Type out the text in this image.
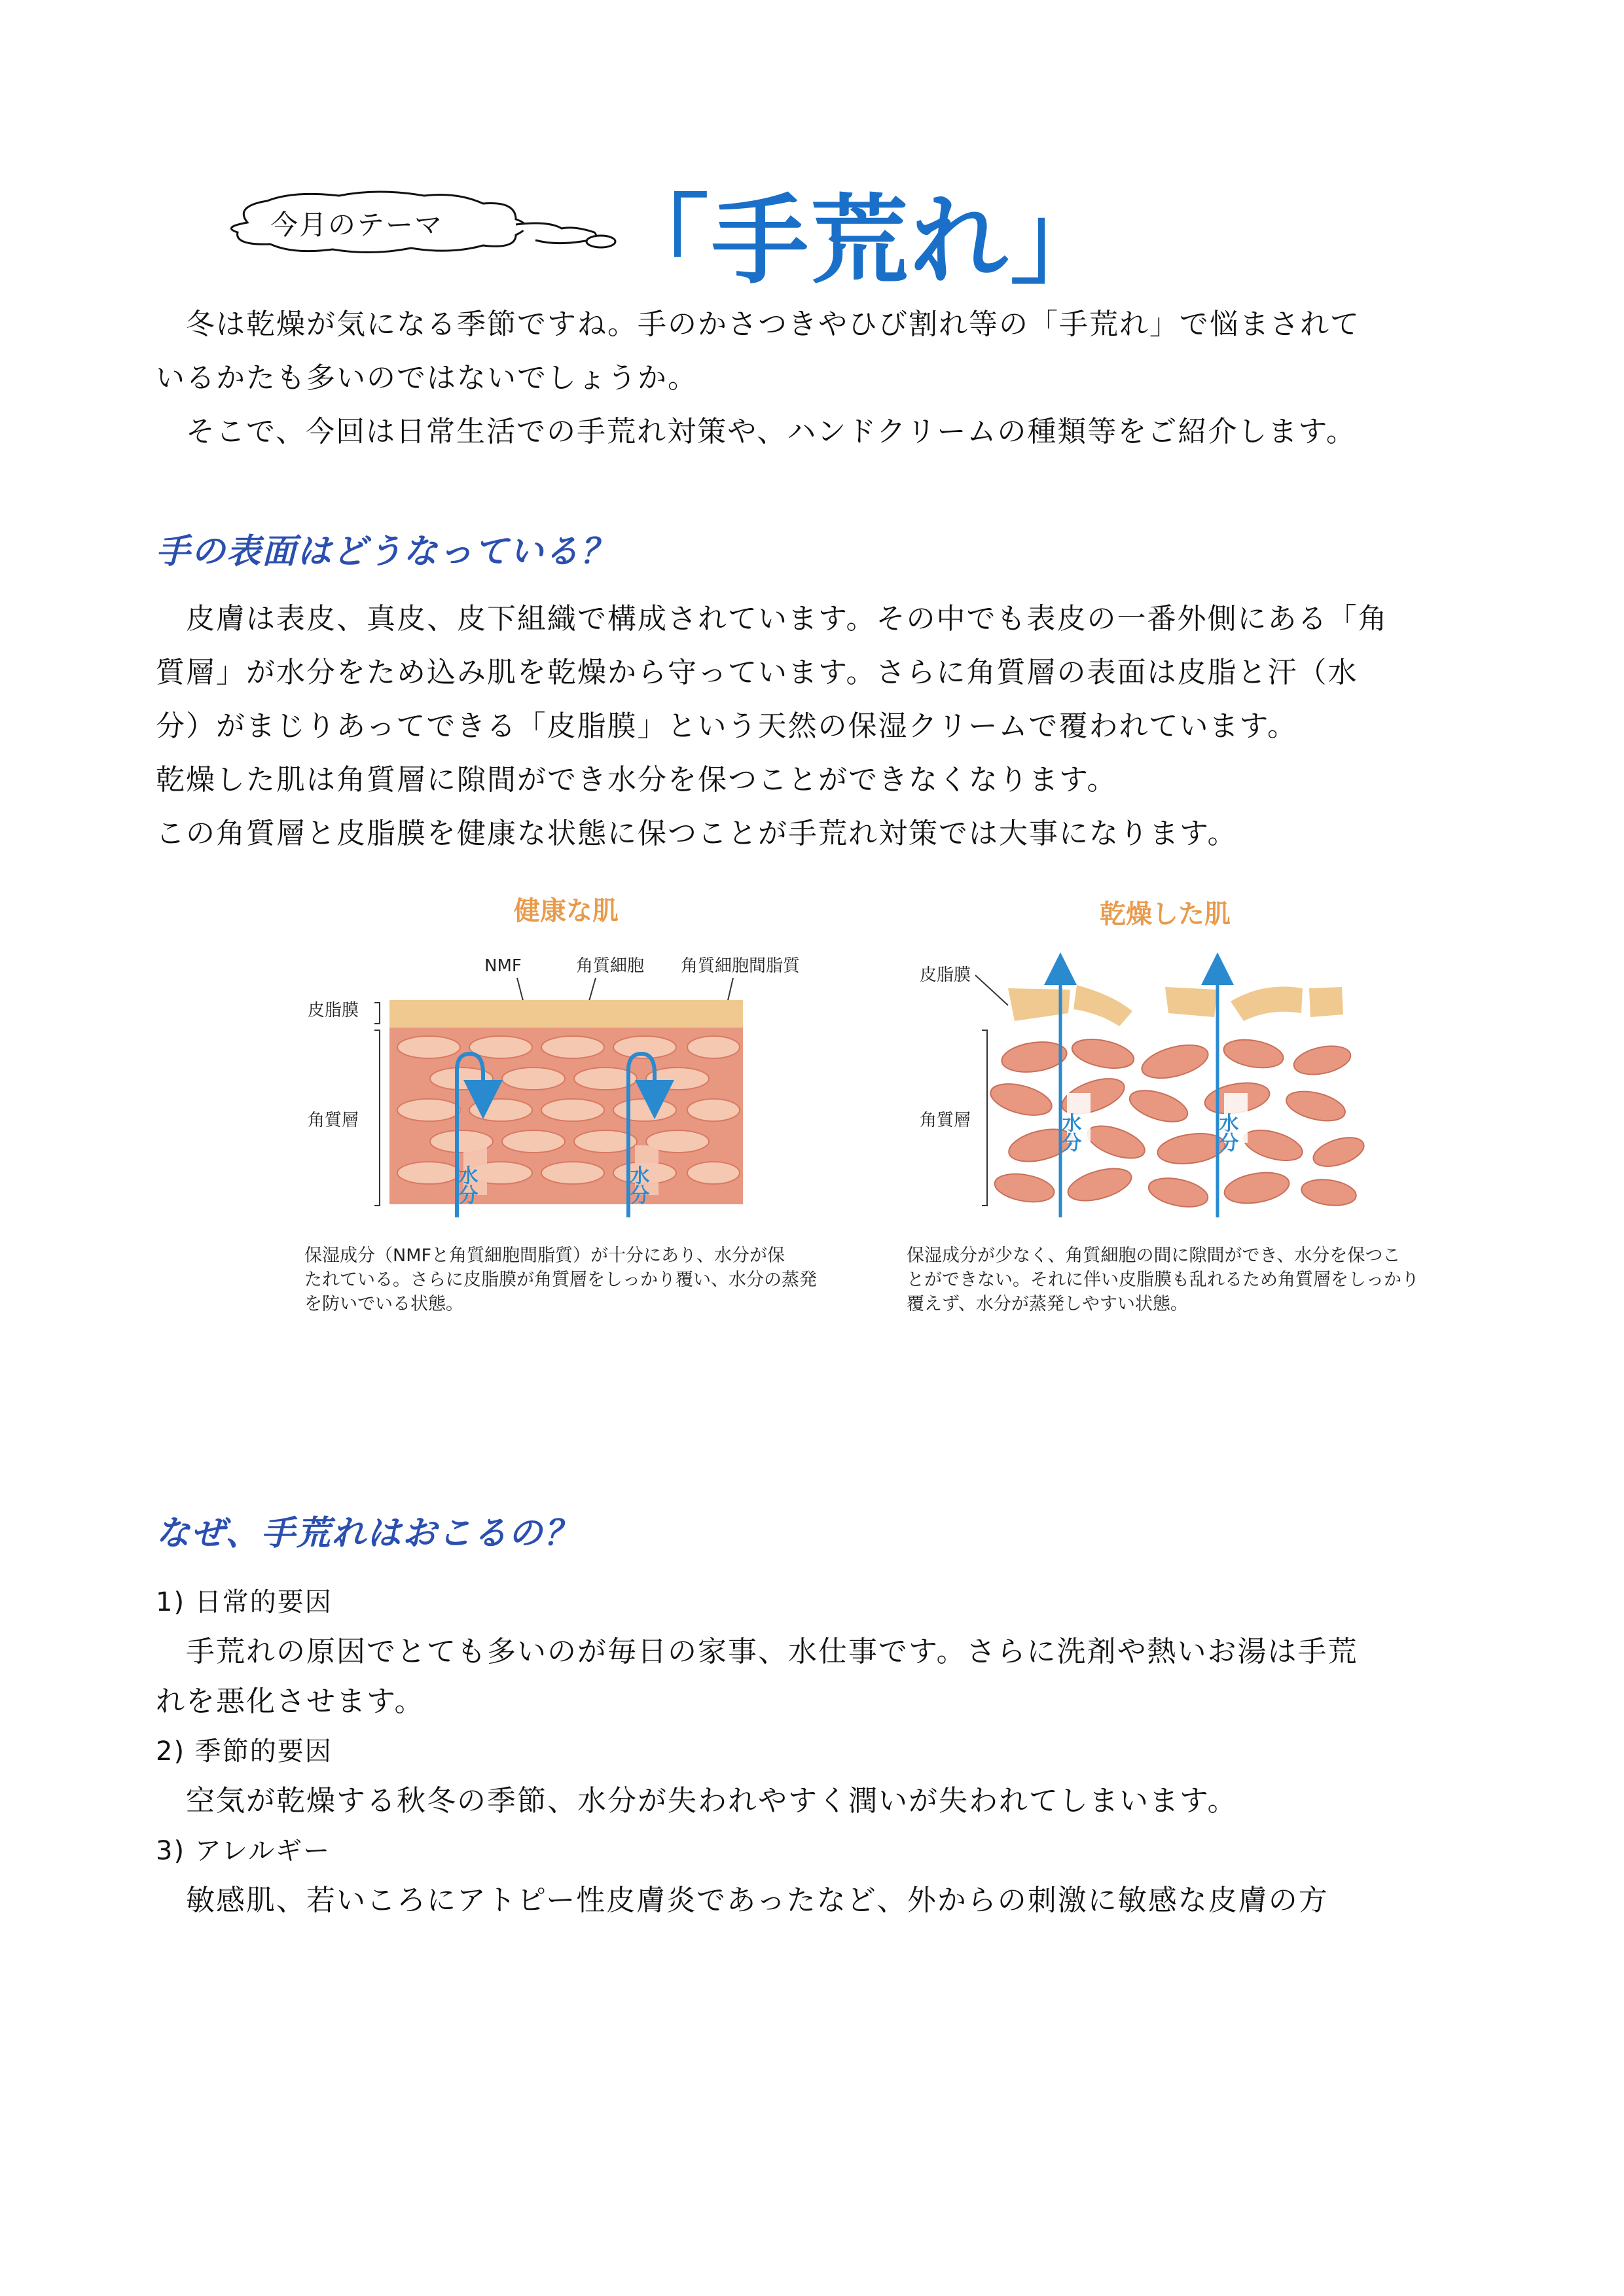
今月のテーマ 「手荒れ」
冬は乾燥が気になる季節ですね。手のかさつきやひび割れ等の「手荒れ」で悩まされて
いるかたも多いのではないでしょうか。
そこで、今回は日常生活での手荒れ対策や、ハンドクリームの種類等をご紹介します。
手の表面はどうなっている？
皮膚は表皮、真皮、皮下組織で構成されています。その中でも表皮の一番外側にある「角
質層」が水分をため込み肌を乾燥から守っています。さらに角質層の表面は皮脂と汗（水
分）がまじりあってできる「皮脂膜」という天然の保湿クリームで覆われています。
乾燥した肌は角質層に隙間ができ水分を保つことができなくなります。
この角質層と皮脂膜を健康な状態に保つことが手荒れ対策では大事になります。
健康な肌
NMF	角質細胞 角質細胞間脂質
皮脂膜
角質層
水分	水分
保湿成分（NMFと角質細胞間脂質）が十分にあり、水分が保
たれている。さらに皮脂膜が角質層をしっかり覆い、水分の蒸発
を防いでいる状態。
乾燥した肌
皮脂膜
角質層	水分	水分
保湿成分が少なく、角質細胞の間に隙間ができ、水分を保つこ
とができない。それに伴い皮脂膜も乱れるため角質層をしっかり
覆えず、水分が蒸発しやすい状態。
なぜ、手荒れはおこるの？
1) 日常的要因
手荒れの原因でとても多いのが毎日の家事、水仕事です。さらに洗剤や熱いお湯は手荒
れを悪化させます。
2) 季節的要因
空気が乾燥する秋冬の季節、水分が失われやすく潤いが失われてしまいます。
3) アレルギー
敏感肌、若いころにアトピー性皮膚炎であったなど、外からの刺激に敏感な皮膚の方
